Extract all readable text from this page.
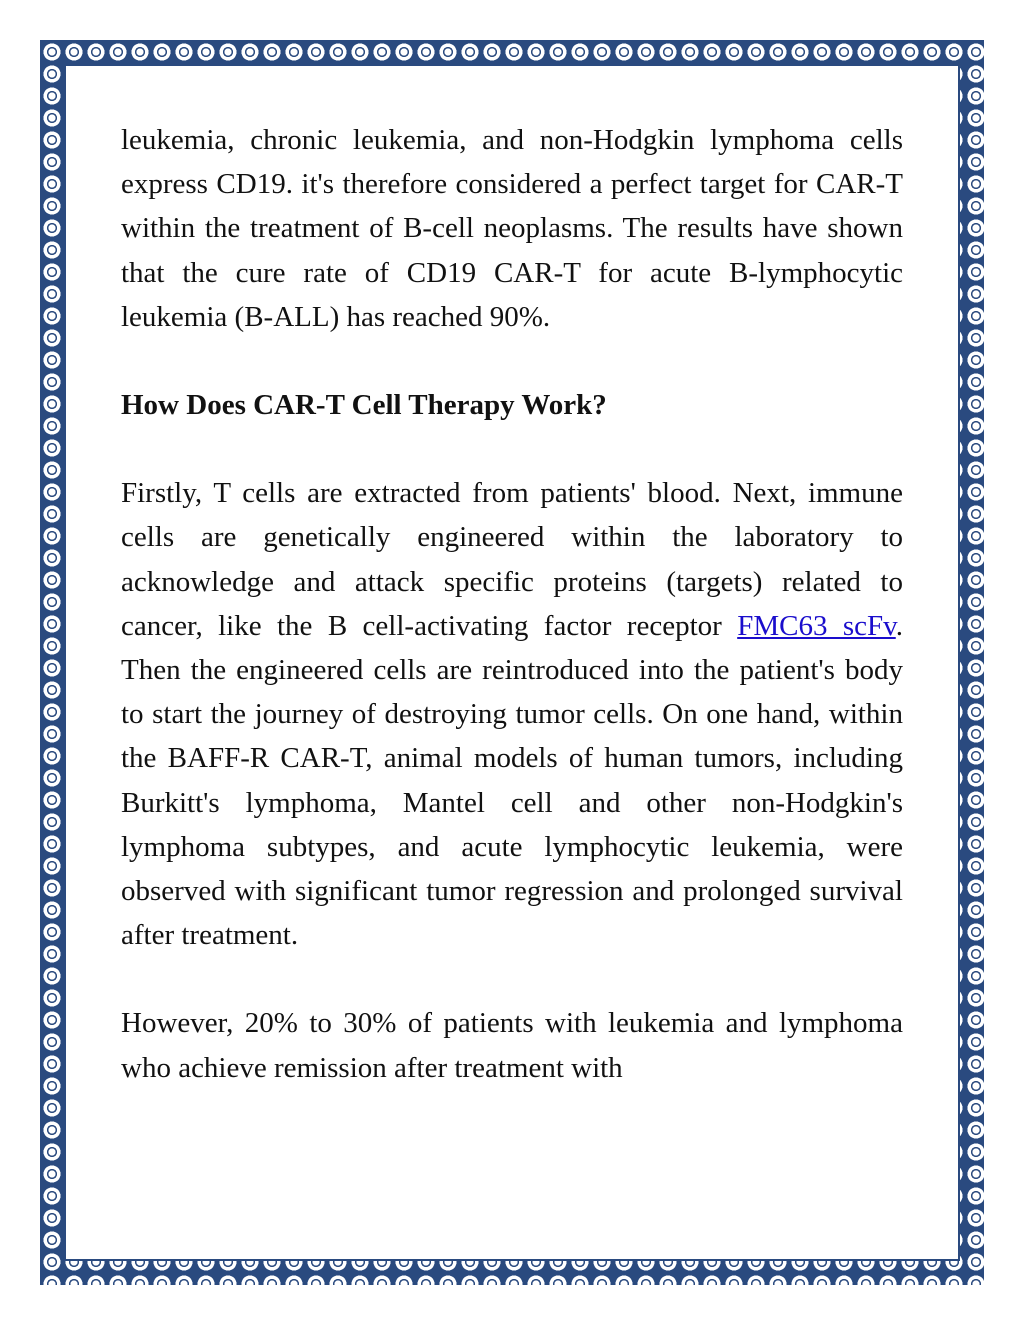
leukemia, chronic leukemia, and non-Hodgkin lymphoma cells express CD19. it's therefore considered a perfect target for CAR-T within the treatment of B-cell neoplasms. The results have shown that the cure rate of CD19 CAR-T for acute B-lymphocytic leukemia (B-ALL) has reached 90%.

How Does CAR-T Cell Therapy Work?

Firstly, T cells are extracted from patients' blood. Next, immune cells are genetically engineered within the laboratory to acknowledge and attack specific proteins (targets) related to cancer, like the B cell-activating factor receptor FMC63 scFv. Then the engineered cells are reintroduced into the patient's body to start the journey of destroying tumor cells. On one hand, within the BAFF-R CAR-T, animal models of human tumors, including Burkitt's lymphoma, Mantel cell and other non-Hodgkin's lymphoma subtypes, and acute lymphocytic leukemia, were observed with significant tumor regression and prolonged survival after treatment.

However, 20% to 30% of patients with leukemia and lymphoma who achieve remission after treatment with
